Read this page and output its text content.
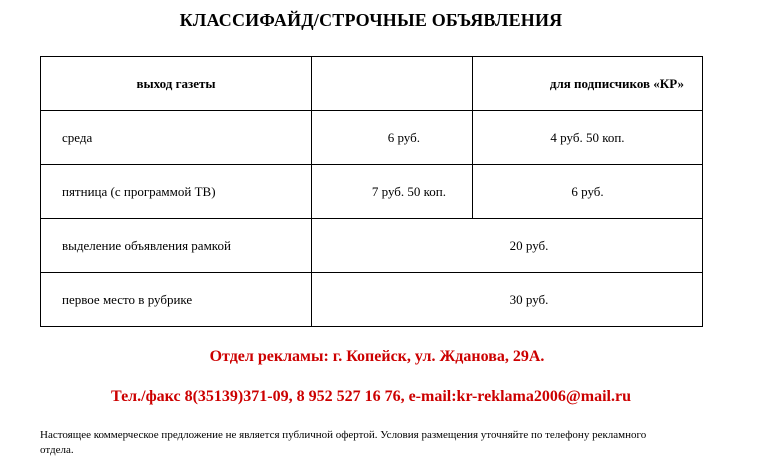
КЛАССИФАЙД/СТРОЧНЫЕ ОБЪЯВЛЕНИЯ
выход газеты		для подписчиков «КР»
среда	6 руб.	4 руб. 50 коп.
пятница (с программой ТВ)	7 руб. 50 коп.	6 руб.
выделение объявления рамкой	20 руб.	
первое место в рубрике	30 руб.	
Отдел рекламы: г. Копейск, ул. Жданова, 29А.
Тел./факс 8(35139)371-09, 8 952 527 16 76, e-mail:kr-reklama2006@mail.ru
Настоящее коммерческое предложение не является публичной офертой. Условия размещения уточняйте по телефону рекламного отдела.
